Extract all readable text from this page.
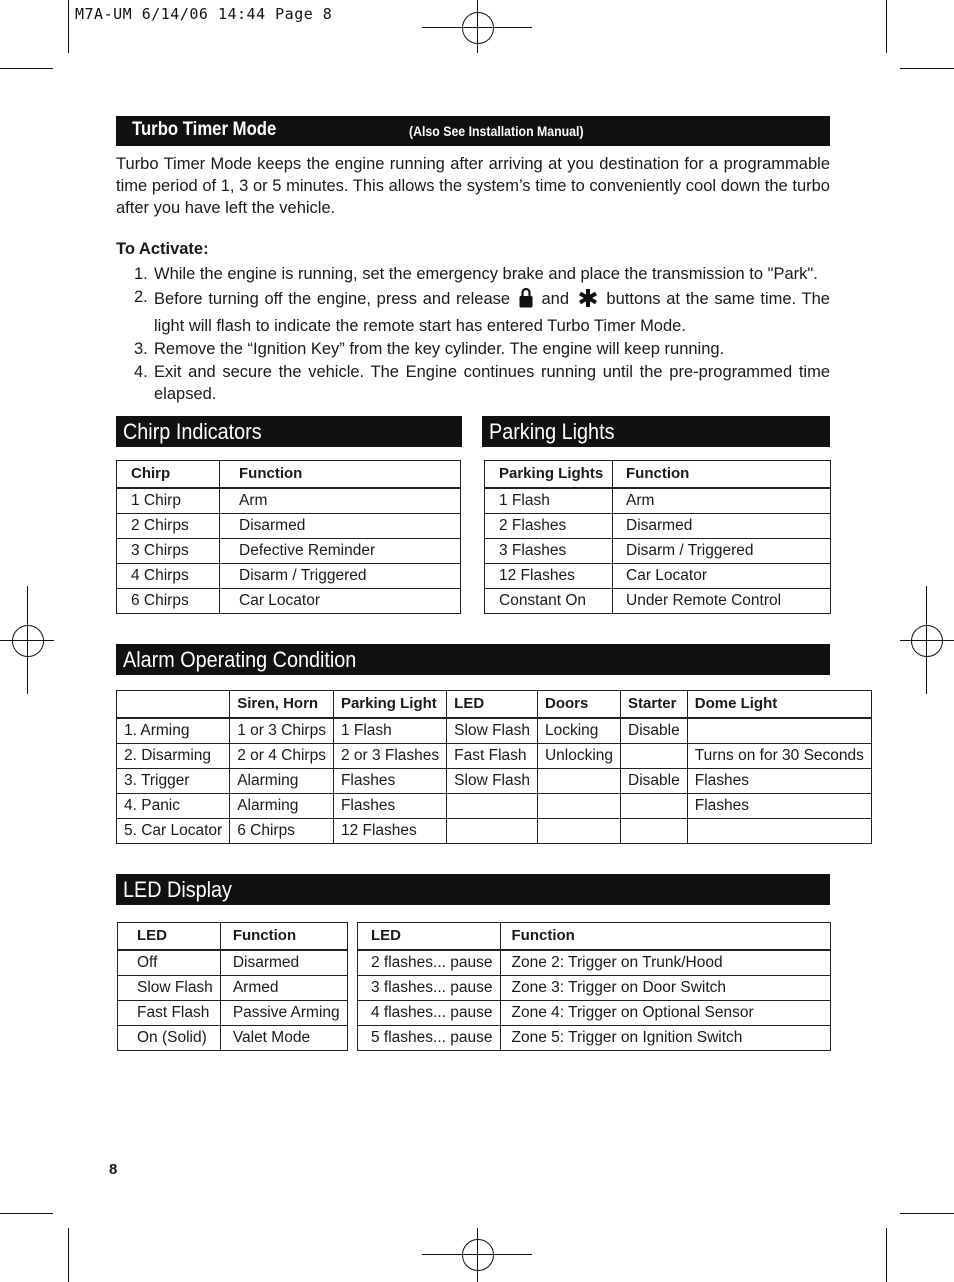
M7A-UM 6/14/06 14:44 Page 8
Turbo Timer Mode	(Also See Installation Manual)
Turbo Timer Mode keeps the engine running after arriving at you destination for a programmable
time period of 1, 3 or 5 minutes. This allows the system’s time to conveniently cool down the turbo
after you have left the vehicle.
To Activate:
1. While the engine is running, set the emergency brake and place the transmission to "Park".
2. Before turning off the engine, press and release and buttons at the same time. The light will flash to indicate the remote start has entered Turbo Timer Mode.
3. Remove the “Ignition Key” from the key cylinder. The engine will keep running.
4. Exit and secure the vehicle. The Engine continues running until the pre-programmed time elapsed.
Chirp Indicators
Chirp	Function
1 Chirp	Arm
2 Chirps	Disarmed
3 Chirps	Defective Reminder
4 Chirps	Disarm / Triggered
6 Chirps	Car Locator
Parking Lights
Parking Lights	Function
1 Flash	Arm
2 Flashes	Disarmed
3 Flashes	Disarm / Triggered
12 Flashes	Car Locator
Constant On	Under Remote Control
Alarm Operating Condition
	Siren, Horn	Parking Light	LED	Doors	Starter	Dome Light
1. Arming	1 or 3 Chirps	1 Flash	Slow Flash	Locking	Disable	
2. Disarming	2 or 4 Chirps	2 or 3 Flashes	Fast Flash	Unlocking		Turns on for 30 Seconds
3. Trigger	Alarming	Flashes	Slow Flash		Disable	Flashes
4. Panic	Alarming	Flashes				Flashes
5. Car Locator	6 Chirps	12 Flashes				
LED Display
LED	Function
Off	Disarmed
Slow Flash	Armed
Fast Flash	Passive Arming
On (Solid)	Valet Mode
LED	Function
2 flashes... pause	Zone 2: Trigger on Trunk/Hood
3 flashes... pause	Zone 3: Trigger on Door Switch
4 flashes... pause	Zone 4: Trigger on Optional Sensor
5 flashes... pause	Zone 5: Trigger on Ignition Switch
8
